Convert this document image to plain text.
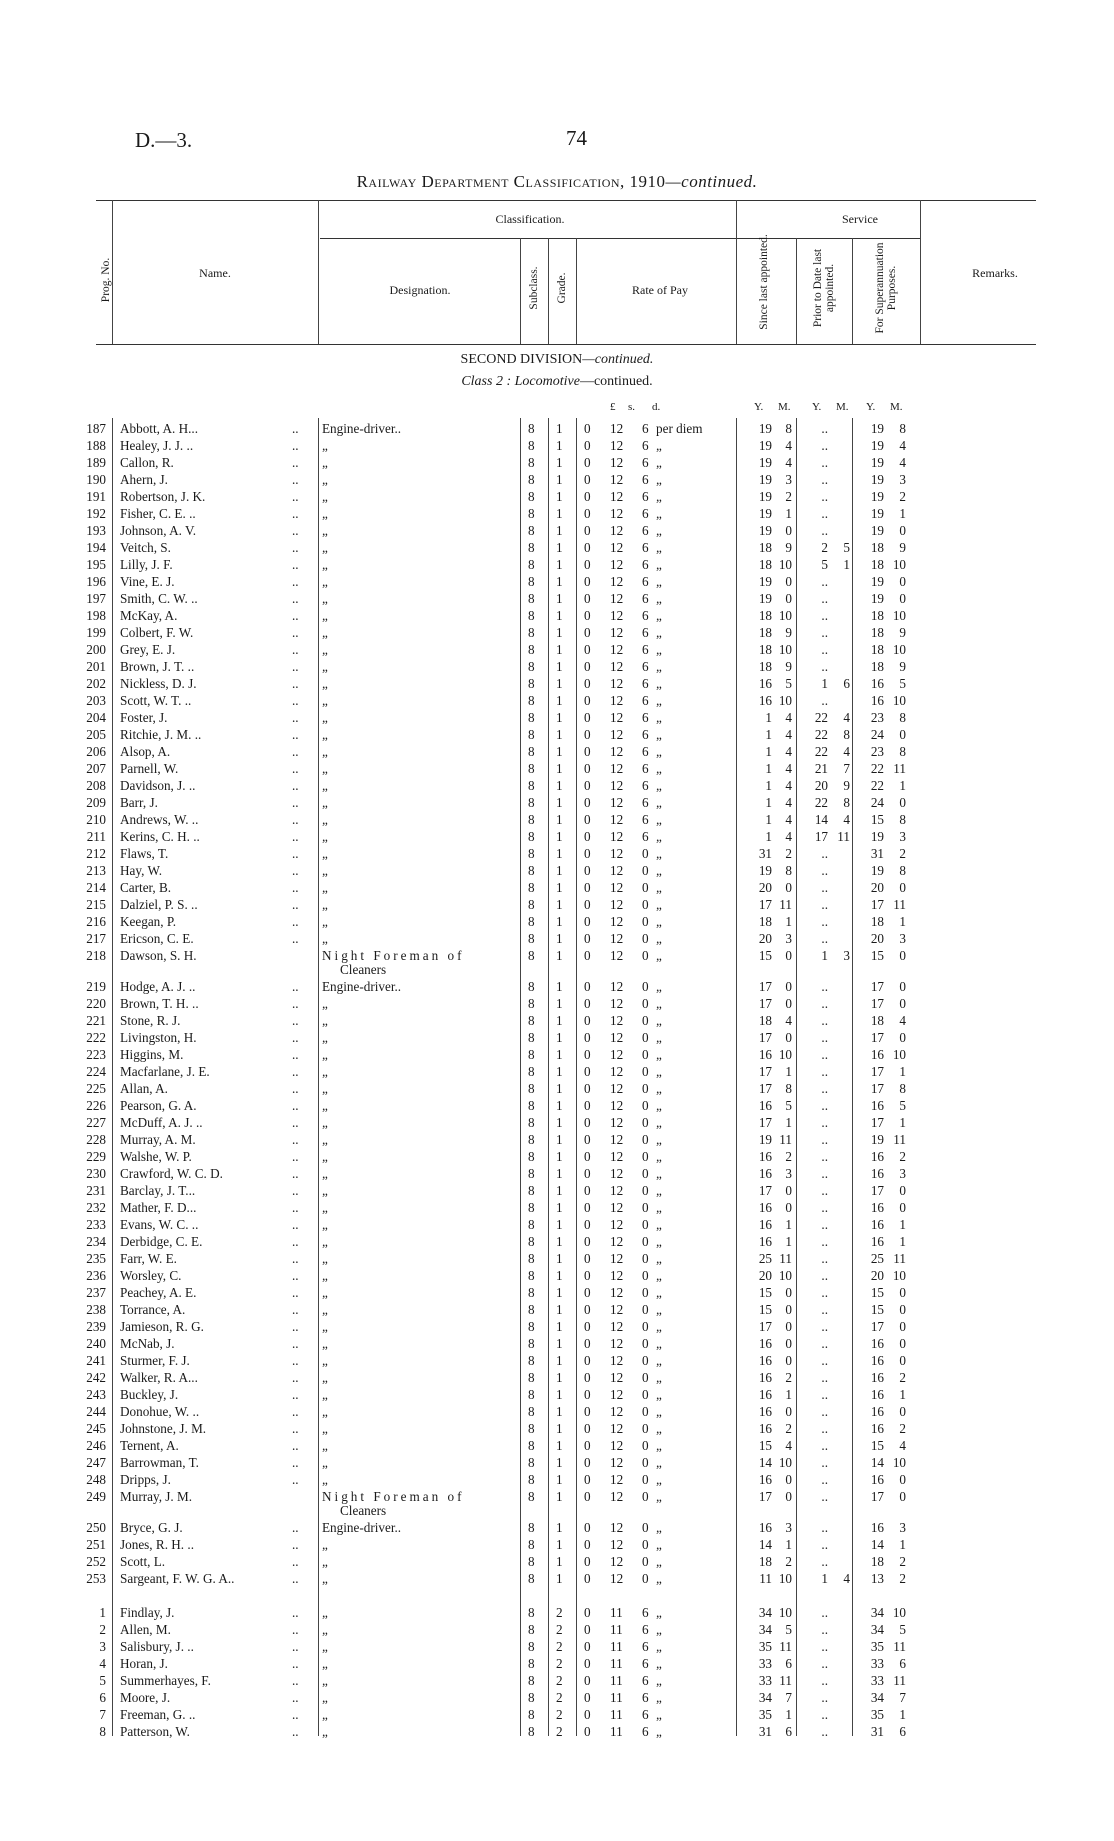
D.—3.	74
Railway Department Classification, 1910—continued.
Prog. No.	Name.
Classification.
Designation.	Subclass. Grade.	Rate of Pay
Service
Since last appointed.	Prior to Date last appointed.	For Superannuation Purposes.	Remarks.
SECOND DIVISION—continued.
Class 2 : Locomotive—continued.
£ s. d.	Y. M. Y. M. Y. M.
187 Abbott, A. H...	.. Engine-driver..	8 1 0 12 6 per diem	19	8	..	19	8
188 Healey, J. J. ..	.. „	8 1 0 12 6 „	19	4	..	19	4
189 Callon, R.	.. „	8 1 0 12 6 „	19	4	..	19	4
190 Ahern, J.	.. „	8 1 0 12 6 „	19	3	..	19	3
191 Robertson, J. K.	.. „	8 1 0 12 6 „	19	2	..	19	2
192 Fisher, C. E. ..	.. „	8 1 0 12 6 „	19	1	..	19	1
193 Johnson, A. V.	.. „	8 1 0 12 6 „	19	0	..	19	0
194 Veitch, S.	.. „	8 1 0 12 6 „	18	9	2	5	18	9
195 Lilly, J. F.	.. „	8 1 0 12 6 „	18 10	5	1	18 10
196 Vine, E. J.	.. „	8 1 0 12 6 „	19	0	..	19	0
197 Smith, C. W. ..	.. „	8 1 0 12 6 „	19	0	..	19	0
198 McKay, A.	.. „	8 1 0 12 6 „	18 10	..	18 10
199 Colbert, F. W.	.. „	8 1 0 12 6 „	18	9	..	18	9
200 Grey, E. J.	.. „	8 1 0 12 6 „	18 10	..	18 10
201 Brown, J. T. ..	.. „	8 1 0 12 6 „	18	9	..	18	9
202 Nickless, D. J.	.. „	8 1 0 12 6 „	16	5	1	6	16	5
203 Scott, W. T. ..	.. „	8 1 0 12 6 „	16 10	..	16 10
204 Foster, J.	.. „	8 1 0 12 6 „	1	4	22	4	23	8
205 Ritchie, J. M. ..	.. „	8 1 0 12 6 „	1	4	22	8	24	0
206 Alsop, A.	.. „	8 1 0 12 6 „	1	4	22	4	23	8
207 Parnell, W.	.. „	8 1 0 12 6 „	1	4	21	7	22 11
208 Davidson, J. ..	.. „	8 1 0 12 6 „	1	4	20	9	22	1
209 Barr, J.	.. „	8 1 0 12 6 „	1	4	22	8	24	0
210 Andrews, W. ..	.. „	8 1 0 12 6 „	1	4	14	4	15	8
211 Kerins, C. H. ..	.. „	8 1 0 12 6 „	1	4	17 11	19	3
212 Flaws, T.	.. „	8 1 0 12 0 „	31	2	..	31	2
213 Hay, W.	.. „	8 1 0 12 0 „	19	8	..	19	8
214 Carter, B.	.. „	8 1 0 12 0 „	20	0	..	20	0
215 Dalziel, P. S. ..	.. „	8 1 0 12 0 „	17 11	..	17 11
216 Keegan, P.	.. „	8 1 0 12 0 „	18	1	..	18	1
217 Ericson, C. E.	.. „	8 1 0 12 0 „	20	3	..	20	3
218 Dawson, S. H.	Night Foreman of	8 1 0 12 0 „	15	0	1	3	15	0
Cleaners
219 Hodge, A. J. ..	.. Engine-driver..	8 1 0 12 0 „	17	0	..	17	0
220 Brown, T. H. ..	.. „	8 1 0 12 0 „	17	0	..	17	0
221 Stone, R. J.	.. „	8 1 0 12 0 „	18	4	..	18	4
222 Livingston, H.	.. „	8 1 0 12 0 „	17	0	..	17	0
223 Higgins, M.	.. „	8 1 0 12 0 „	16 10	..	16 10
224 Macfarlane, J. E.	.. „	8 1 0 12 0 „	17	1	..	17	1
225 Allan, A.	.. „	8 1 0 12 0 „	17	8	..	17	8
226 Pearson, G. A.	.. „	8 1 0 12 0 „	16	5	..	16	5
227 McDuff, A. J. ..	.. „	8 1 0 12 0 „	17	1	..	17	1
228 Murray, A. M.	.. „	8 1 0 12 0 „	19 11	..	19 11
229 Walshe, W. P.	.. „	8 1 0 12 0 „	16	2	..	16	2
230 Crawford, W. C. D.	.. „	8 1 0 12 0 „	16	3	..	16	3
231 Barclay, J. T...	.. „	8 1 0 12 0 „	17	0	..	17	0
232 Mather, F. D...	.. „	8 1 0 12 0 „	16	0	..	16	0
233 Evans, W. C. ..	.. „	8 1 0 12 0 „	16	1	..	16	1
234 Derbidge, C. E.	.. „	8 1 0 12 0 „	16	1	..	16	1
235 Farr, W. E.	.. „	8 1 0 12 0 „	25 11	..	25 11
236 Worsley, C.	.. „	8 1 0 12 0 „	20 10	..	20 10
237 Peachey, A. E.	.. „	8 1 0 12 0 „	15	0	..	15	0
238 Torrance, A.	.. „	8 1 0 12 0 „	15	0	..	15	0
239 Jamieson, R. G.	.. „	8 1 0 12 0 „	17	0	..	17	0
240 McNab, J.	.. „	8 1 0 12 0 „	16	0	..	16	0
241 Sturmer, F. J.	.. „	8 1 0 12 0 „	16	0	..	16	0
242 Walker, R. A...	.. „	8 1 0 12 0 „	16	2	..	16	2
243 Buckley, J.	.. „	8 1 0 12 0 „	16	1	..	16	1
244 Donohue, W. ..	.. „	8 1 0 12 0 „	16	0	..	16	0
245 Johnstone, J. M.	.. „	8 1 0 12 0 „	16	2	..	16	2
246 Ternent, A.	.. „	8 1 0 12 0 „	15	4	..	15	4
247 Barrowman, T.	.. „	8 1 0 12 0 „	14 10	..	14 10
248 Dripps, J.	.. „	8 1 0 12 0 „	16	0	..	16	0
249 Murray, J. M.	Night Foreman of	8 1 0 12 0 „	17	0	..	17	0
Cleaners
250 Bryce, G. J.	.. Engine-driver..	8 1 0 12 0 „	16	3	..	16	3
251 Jones, R. H. ..	.. „	8 1 0 12 0 „	14	1	..	14	1
252 Scott, L.	.. „	8 1 0 12 0 „	18	2	..	18	2
253 Sargeant, F. W. G. A..	.. „	8 1 0 12 0 „	11 10	1	4	13	2
1 Findlay, J.	.. „	8 2 0 11 6 „	34 10	..	34 10
2 Allen, M.	.. „	8 2 0 11 6 „	34	5	..	34	5
3 Salisbury, J. ..	.. „	8 2 0 11 6 „	35 11	..	35 11
4 Horan, J.	.. „	8 2 0 11 6 „	33	6	..	33	6
5 Summerhayes, F.	.. „	8 2 0 11 6 „	33 11	..	33 11
6 Moore, J.	.. „	8 2 0 11 6 „	34	7	..	34	7
7 Freeman, G. ..	.. „	8 2 0 11 6 „	35	1	..	35	1
8 Patterson, W.	.. „	8 2 0 11 6 „	31	6	..	31	6
